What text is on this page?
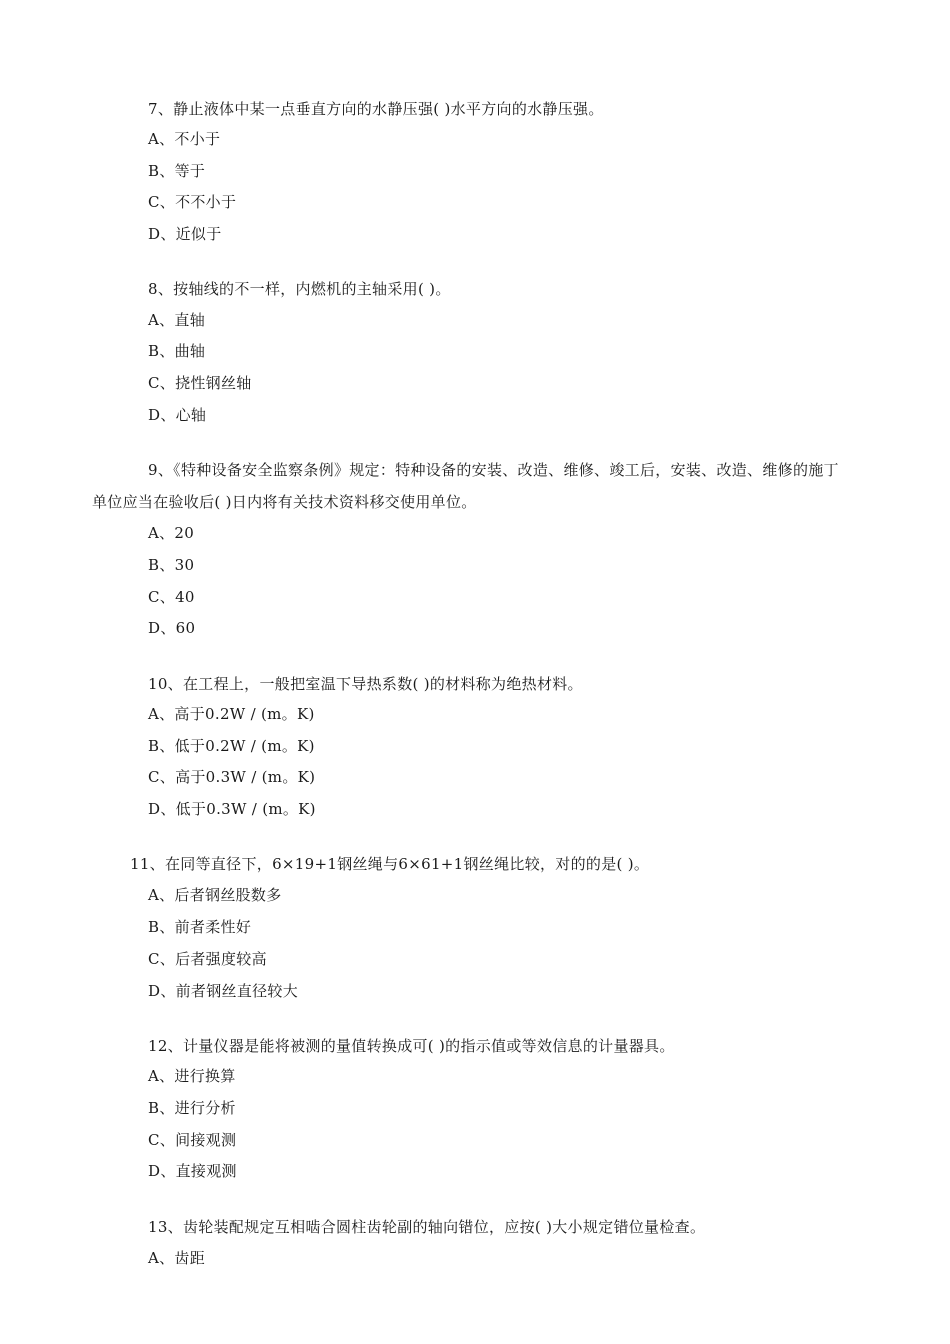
7、静止液体中某一点垂直方向的水静压强( )水平方向的水静压强。
A、不小于
B、等于
C、不不小于
D、近似于
8、按轴线的不一样，内燃机的主轴采用( )。
A、直轴
B、曲轴
C、挠性钢丝轴
D、心轴
9、《特种设备安全监察条例》规定：特种设备的安装、改造、维修、竣工后，安装、改造、维修的施丁单位应当在验收后( )日内将有关技术资料移交使用单位。
A、20
B、30
C、40
D、60
10、在工程上，一般把室温下导热系数( )的材料称为绝热材料。
A、高于0.2W / (m。K)
B、低于0.2W / (m。K)
C、高于0.3W / (m。K)
D、低于0.3W / (m。K)
11、在同等直径下，6×19+1钢丝绳与6×61+1钢丝绳比较，对的的是( )。
A、后者钢丝股数多
B、前者柔性好
C、后者强度较高
D、前者钢丝直径较大
12、计量仪器是能将被测的量值转换成可( )的指示值或等效信息的计量器具。
A、进行换算
B、进行分析
C、间接观测
D、直接观测
13、齿轮装配规定互相啮合圆柱齿轮副的轴向错位，应按( )大小规定错位量检查。
A、齿距
